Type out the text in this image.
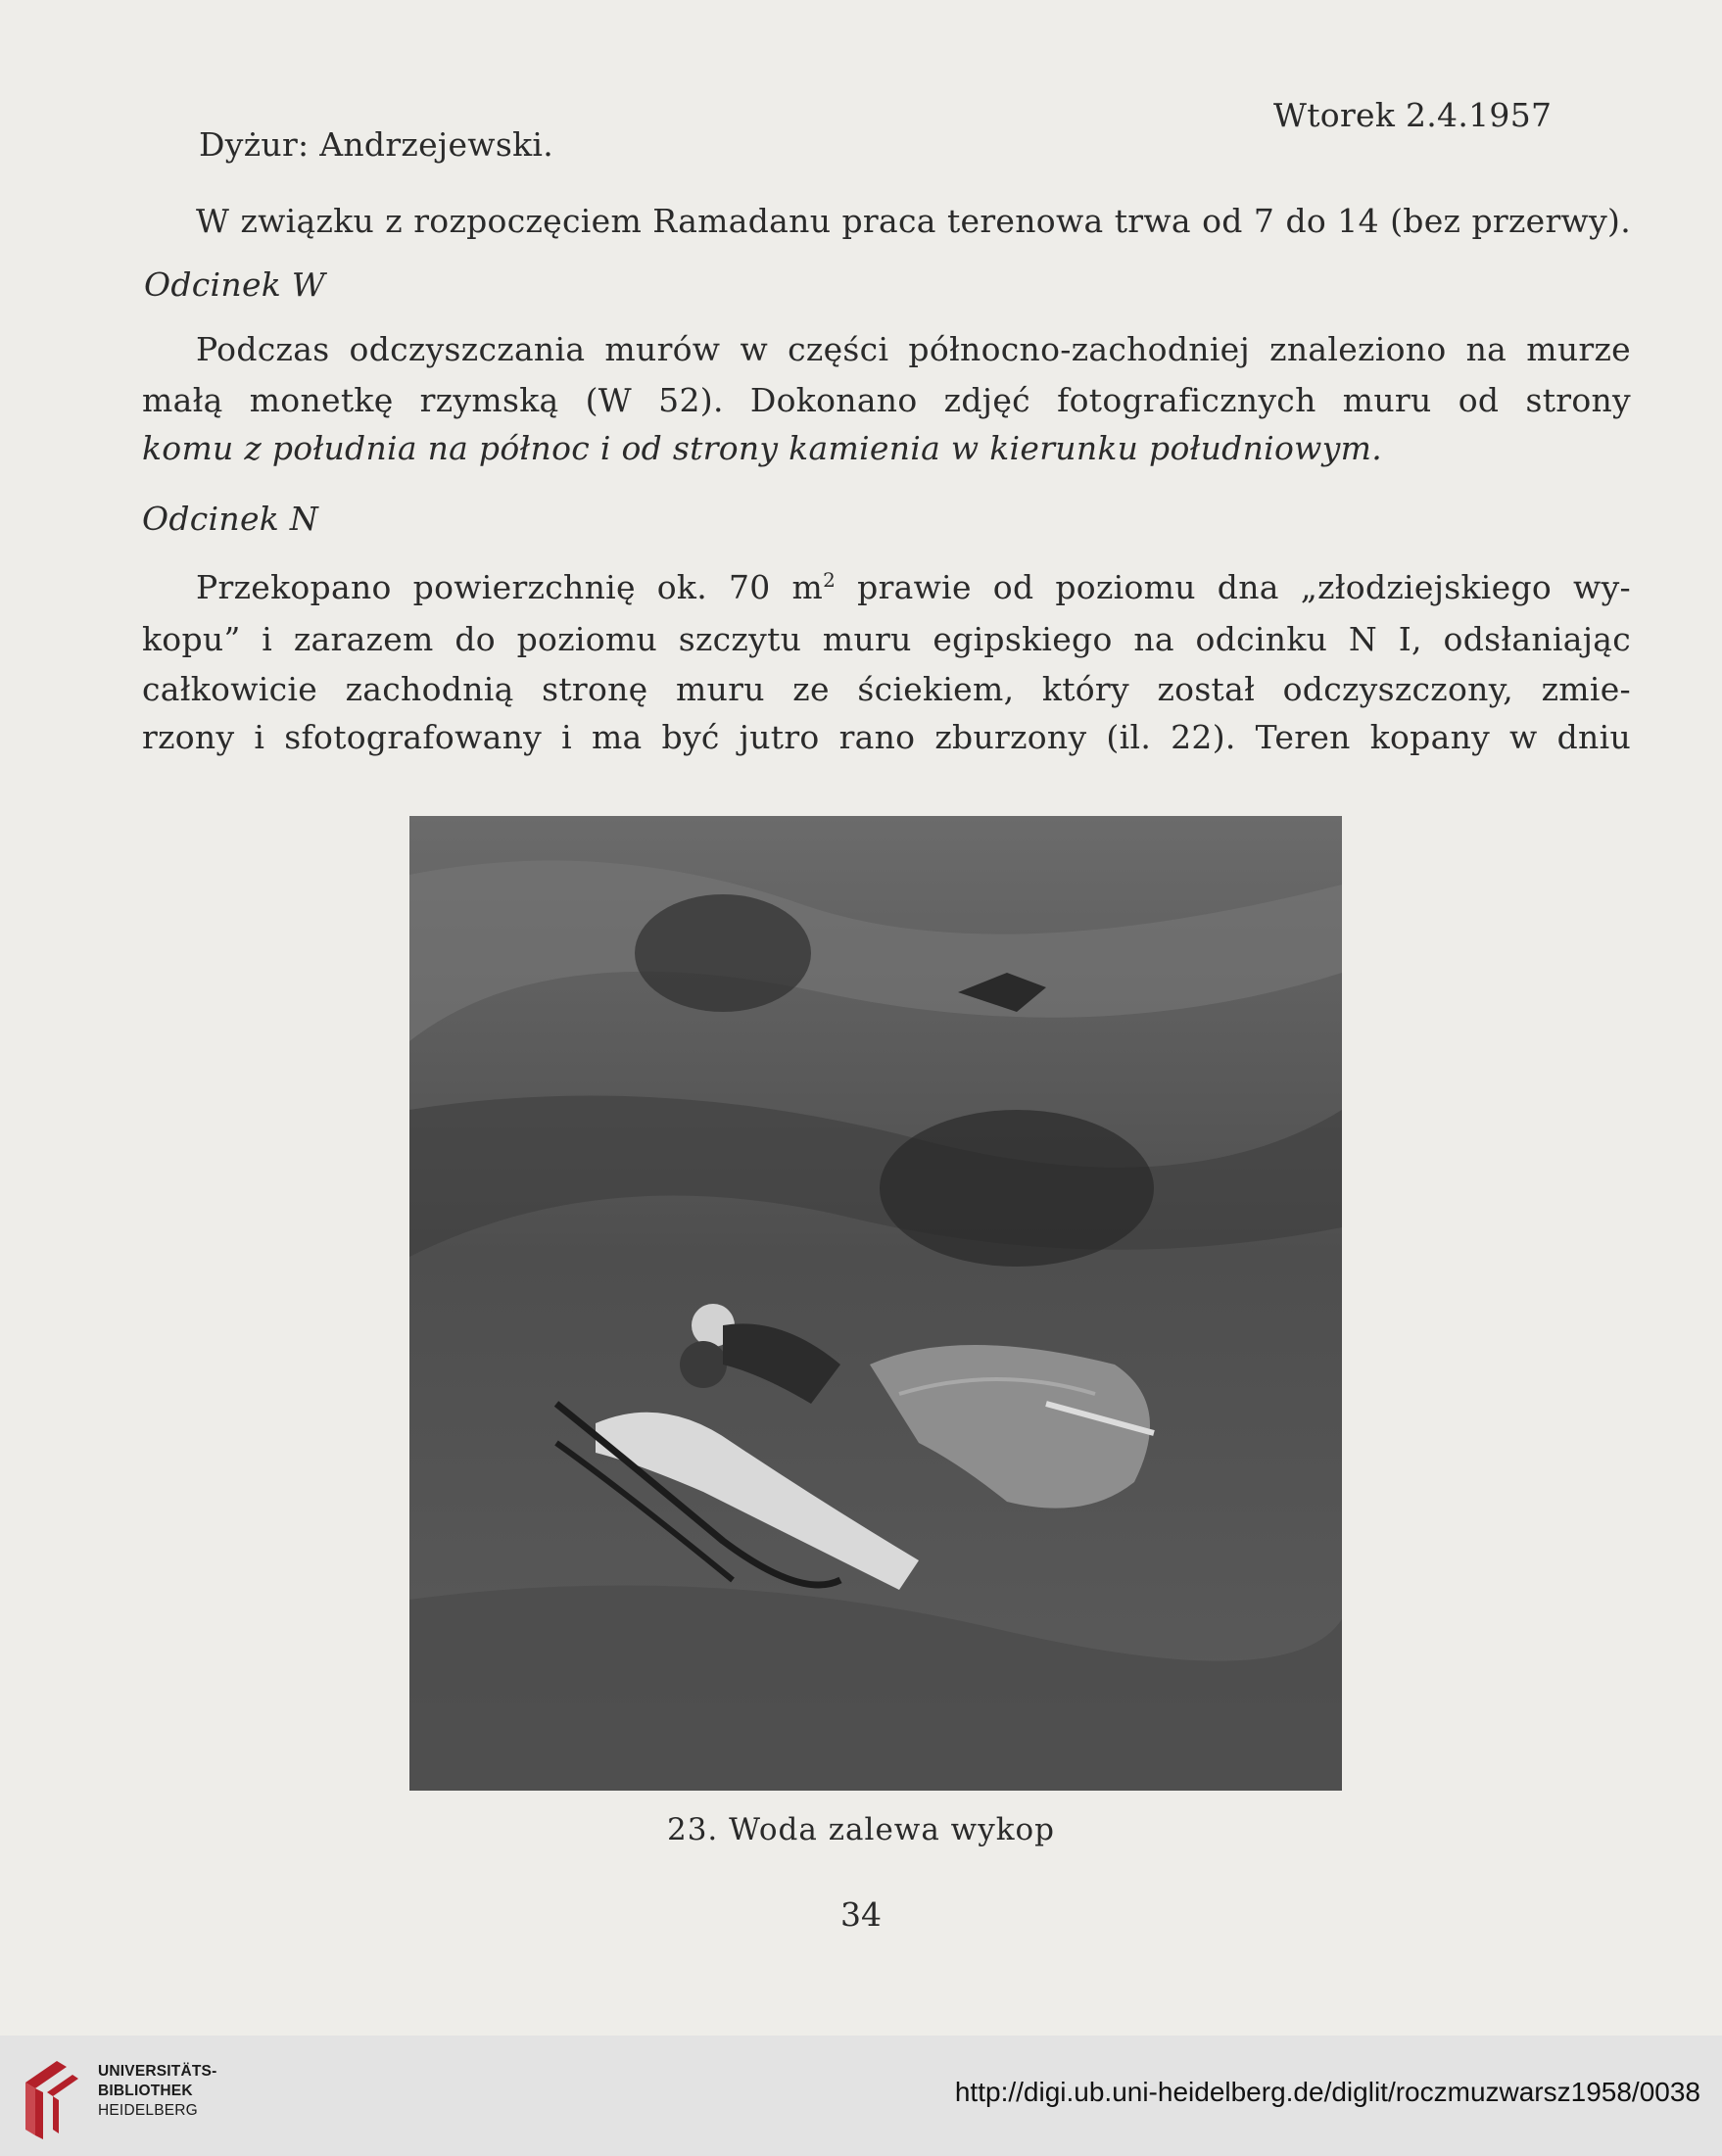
Wtorek 2.4.1957
Dyżur: Andrzejewski.
W związku z rozpoczęciem Ramadanu praca terenowa trwa od 7 do 14 (bez przerwy).
Odcinek W
Podczas odczyszczania murów w części północno-zachodniej znaleziono na murze
małą monetkę rzymską (W 52). Dokonano zdjęć fotograficznych muru od strony
komu z południa na północ i od strony kamienia w kierunku południowym.
Odcinek N
Przekopano powierzchnię ok. 70 $m^2$ prawie od poziomu dna „złodziejskiego wy-
kopu” i zarazem do poziomu szczytu muru egipskiego na odcinku N I, odsłaniając
całkowicie zachodnią stronę muru ze ściekiem, który został odczyszczony, zmie-
rzony i sfotografowany i ma być jutro rano zburzony (il. 22). Teren kopany w dniu
23. Woda zalewa wykop
34
UNIVERSITÄTS-
BIBLIOTHEK
HEIDELBERG
http://digi.ub.uni-heidelberg.de/diglit/roczmuzwarsz1958/0038
